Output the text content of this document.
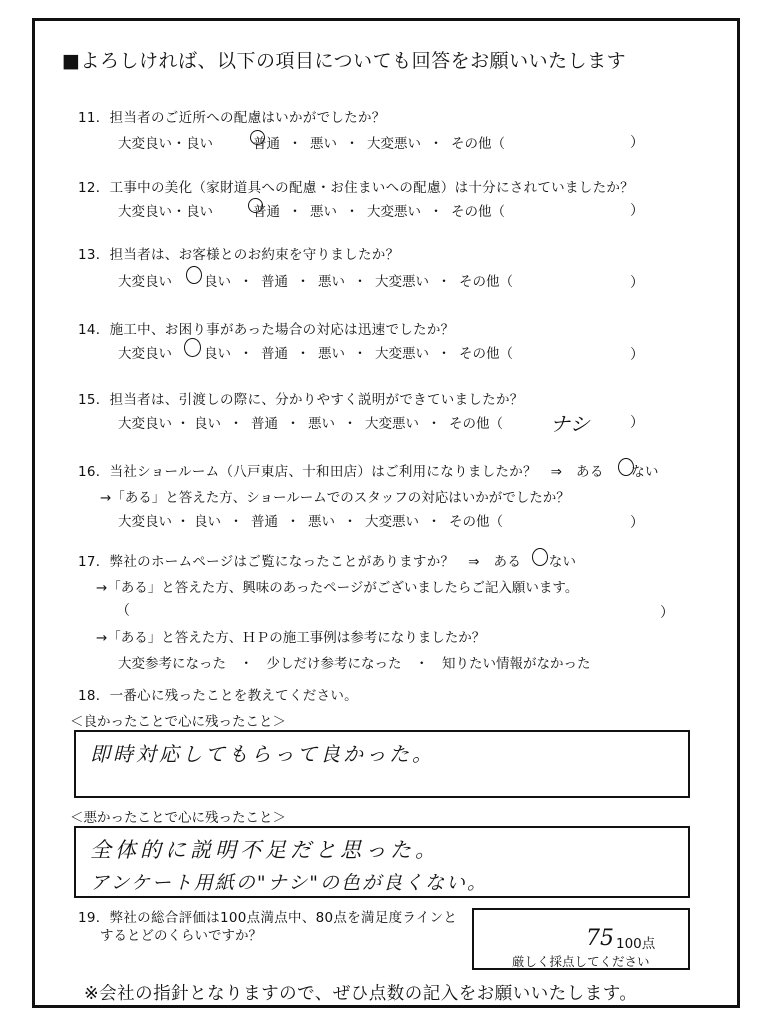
■よろしければ、以下の項目についても回答をお願いいたします
11．担当者のご近所への配慮はいかがでしたか？
大変良い ・ 良い	普通 ・ 悪い ・ 大変悪い ・ その他（	）
12．工事中の美化（家財道具への配慮・お住まいへの配慮）は十分にされていましたか？
大変良い ・ 良い	普通 ・ 悪い ・ 大変悪い ・ その他（	）
13．担当者は、お客様とのお約束を守りましたか？
大変良い 良い ・ 普通 ・ 悪い ・ 大変悪い ・ その他（	）
14．施工中、お困り事があった場合の対応は迅速でしたか？
大変良い 良い ・ 普通 ・ 悪い ・ 大変悪い ・ その他（	）
15．担当者は、引渡しの際に、分かりやすく説明ができていましたか？
大変良い ・ 良い ・ 普通 ・ 悪い ・ 大変悪い ・ その他（ ナシ	）
16．当社ショールーム（八戸東店、十和田店）はご利用になりましたか？　⇒　ある　　ない
→「ある」と答えた方、ショールームでのスタッフの対応はいかがでしたか？
大変良い ・ 良い ・ 普通 ・ 悪い ・ 大変悪い ・ その他（	）
17．弊社のホームページはご覧になったことがありますか？　⇒　ある　　ない
→「ある」と答えた方、興味のあったページがございましたらご記入願います。
（	）
→「ある」と答えた方、ＨＰの施工事例は参考になりましたか？
大変参考になった　・　少しだけ参考になった　・　知りたい情報がなかった
18．一番心に残ったことを教えてください。
＜良かったことで心に残ったこと＞
即時対応してもらって良かった。
＜悪かったことで心に残ったこと＞
全体的に説明不足だと思った。
アンケート用紙の"ナシ"の色が良くない。
19．弊社の総合評価は100点満点中、80点を満足度ラインと
するとどのくらいですか？	75 100点
厳しく採点してください
※会社の指針となりますので、ぜひ点数の記入をお願いいたします。
